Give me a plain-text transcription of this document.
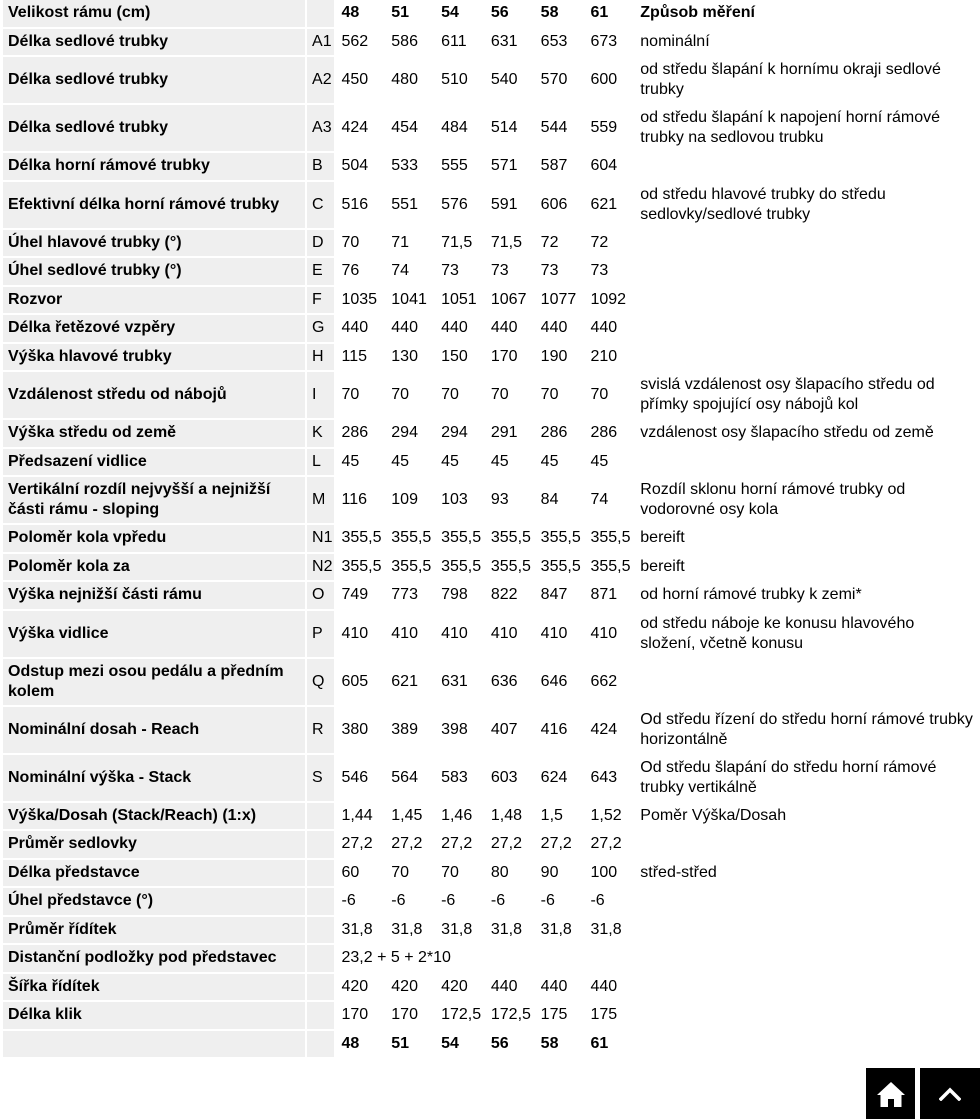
Velikost rámu (cm)		48	51	54	56	58	61	Způsob měření
Délka sedlové trubky	A1	562	586	611	631	653	673	nominální
Délka sedlové trubky	A2	450	480	510	540	570	600	od středu šlapání k hornímu okraji sedlové trubky
Délka sedlové trubky	A3	424	454	484	514	544	559	od středu šlapání k napojení horní rámové trubky na sedlovou trubku
Délka horní rámové trubky	B	504	533	555	571	587	604	
Efektivní délka horní rámové trubky	C	516	551	576	591	606	621	od středu hlavové trubky do středu sedlovky/sedlové trubky
Úhel hlavové trubky (°)	D	70	71	71,5	71,5	72	72	
Úhel sedlové trubky (°)	E	76	74	73	73	73	73	
Rozvor	F	1035	1041	1051	1067	1077	1092	
Délka řetězové vzpěry	G	440	440	440	440	440	440	
Výška hlavové trubky	H	115	130	150	170	190	210	
Vzdálenost středu od nábojů	I	70	70	70	70	70	70	svislá vzdálenost osy šlapacího středu od přímky spojující osy nábojů kol
Výška středu od země	K	286	294	294	291	286	286	vzdálenost osy šlapacího středu od země
Předsazení vidlice	L	45	45	45	45	45	45	
Vertikální rozdíl nejvyšší a nejnižší části rámu - sloping	M	116	109	103	93	84	74	Rozdíl sklonu horní rámové trubky od vodorovné osy kola
Poloměr kola vpředu	N1	355,5	355,5	355,5	355,5	355,5	355,5	bereift
Poloměr kola za	N2	355,5	355,5	355,5	355,5	355,5	355,5	bereift
Výška nejnižší části rámu	O	749	773	798	822	847	871	od horní rámové trubky k zemi*
Výška vidlice	P	410	410	410	410	410	410	od středu náboje ke konusu hlavového složení, včetně konusu
Odstup mezi osou pedálu a předním kolem	Q	605	621	631	636	646	662	
Nominální dosah - Reach	R	380	389	398	407	416	424	Od středu řízení do středu horní rámové trubky horizontálně
Nominální výška - Stack	S	546	564	583	603	624	643	Od středu šlapání do středu horní rámové trubky vertikálně
Výška/Dosah (Stack/Reach) (1:x)		1,44	1,45	1,46	1,48	1,5	1,52	Poměr Výška/Dosah
Průměr sedlovky		27,2	27,2	27,2	27,2	27,2	27,2	
Délka představce		60	70	70	80	90	100	střed-střed
Úhel představce (°)		-6	-6	-6	-6	-6	-6	
Průměr řídítek		31,8	31,8	31,8	31,8	31,8	31,8	
Distanční podložky pod představec		23,2 + 5 + 2*10						
Šířka řídítek		420	420	420	440	440	440	
Délka klik		170	170	172,5	172,5	175	175	
		48	51	54	56	58	61	
